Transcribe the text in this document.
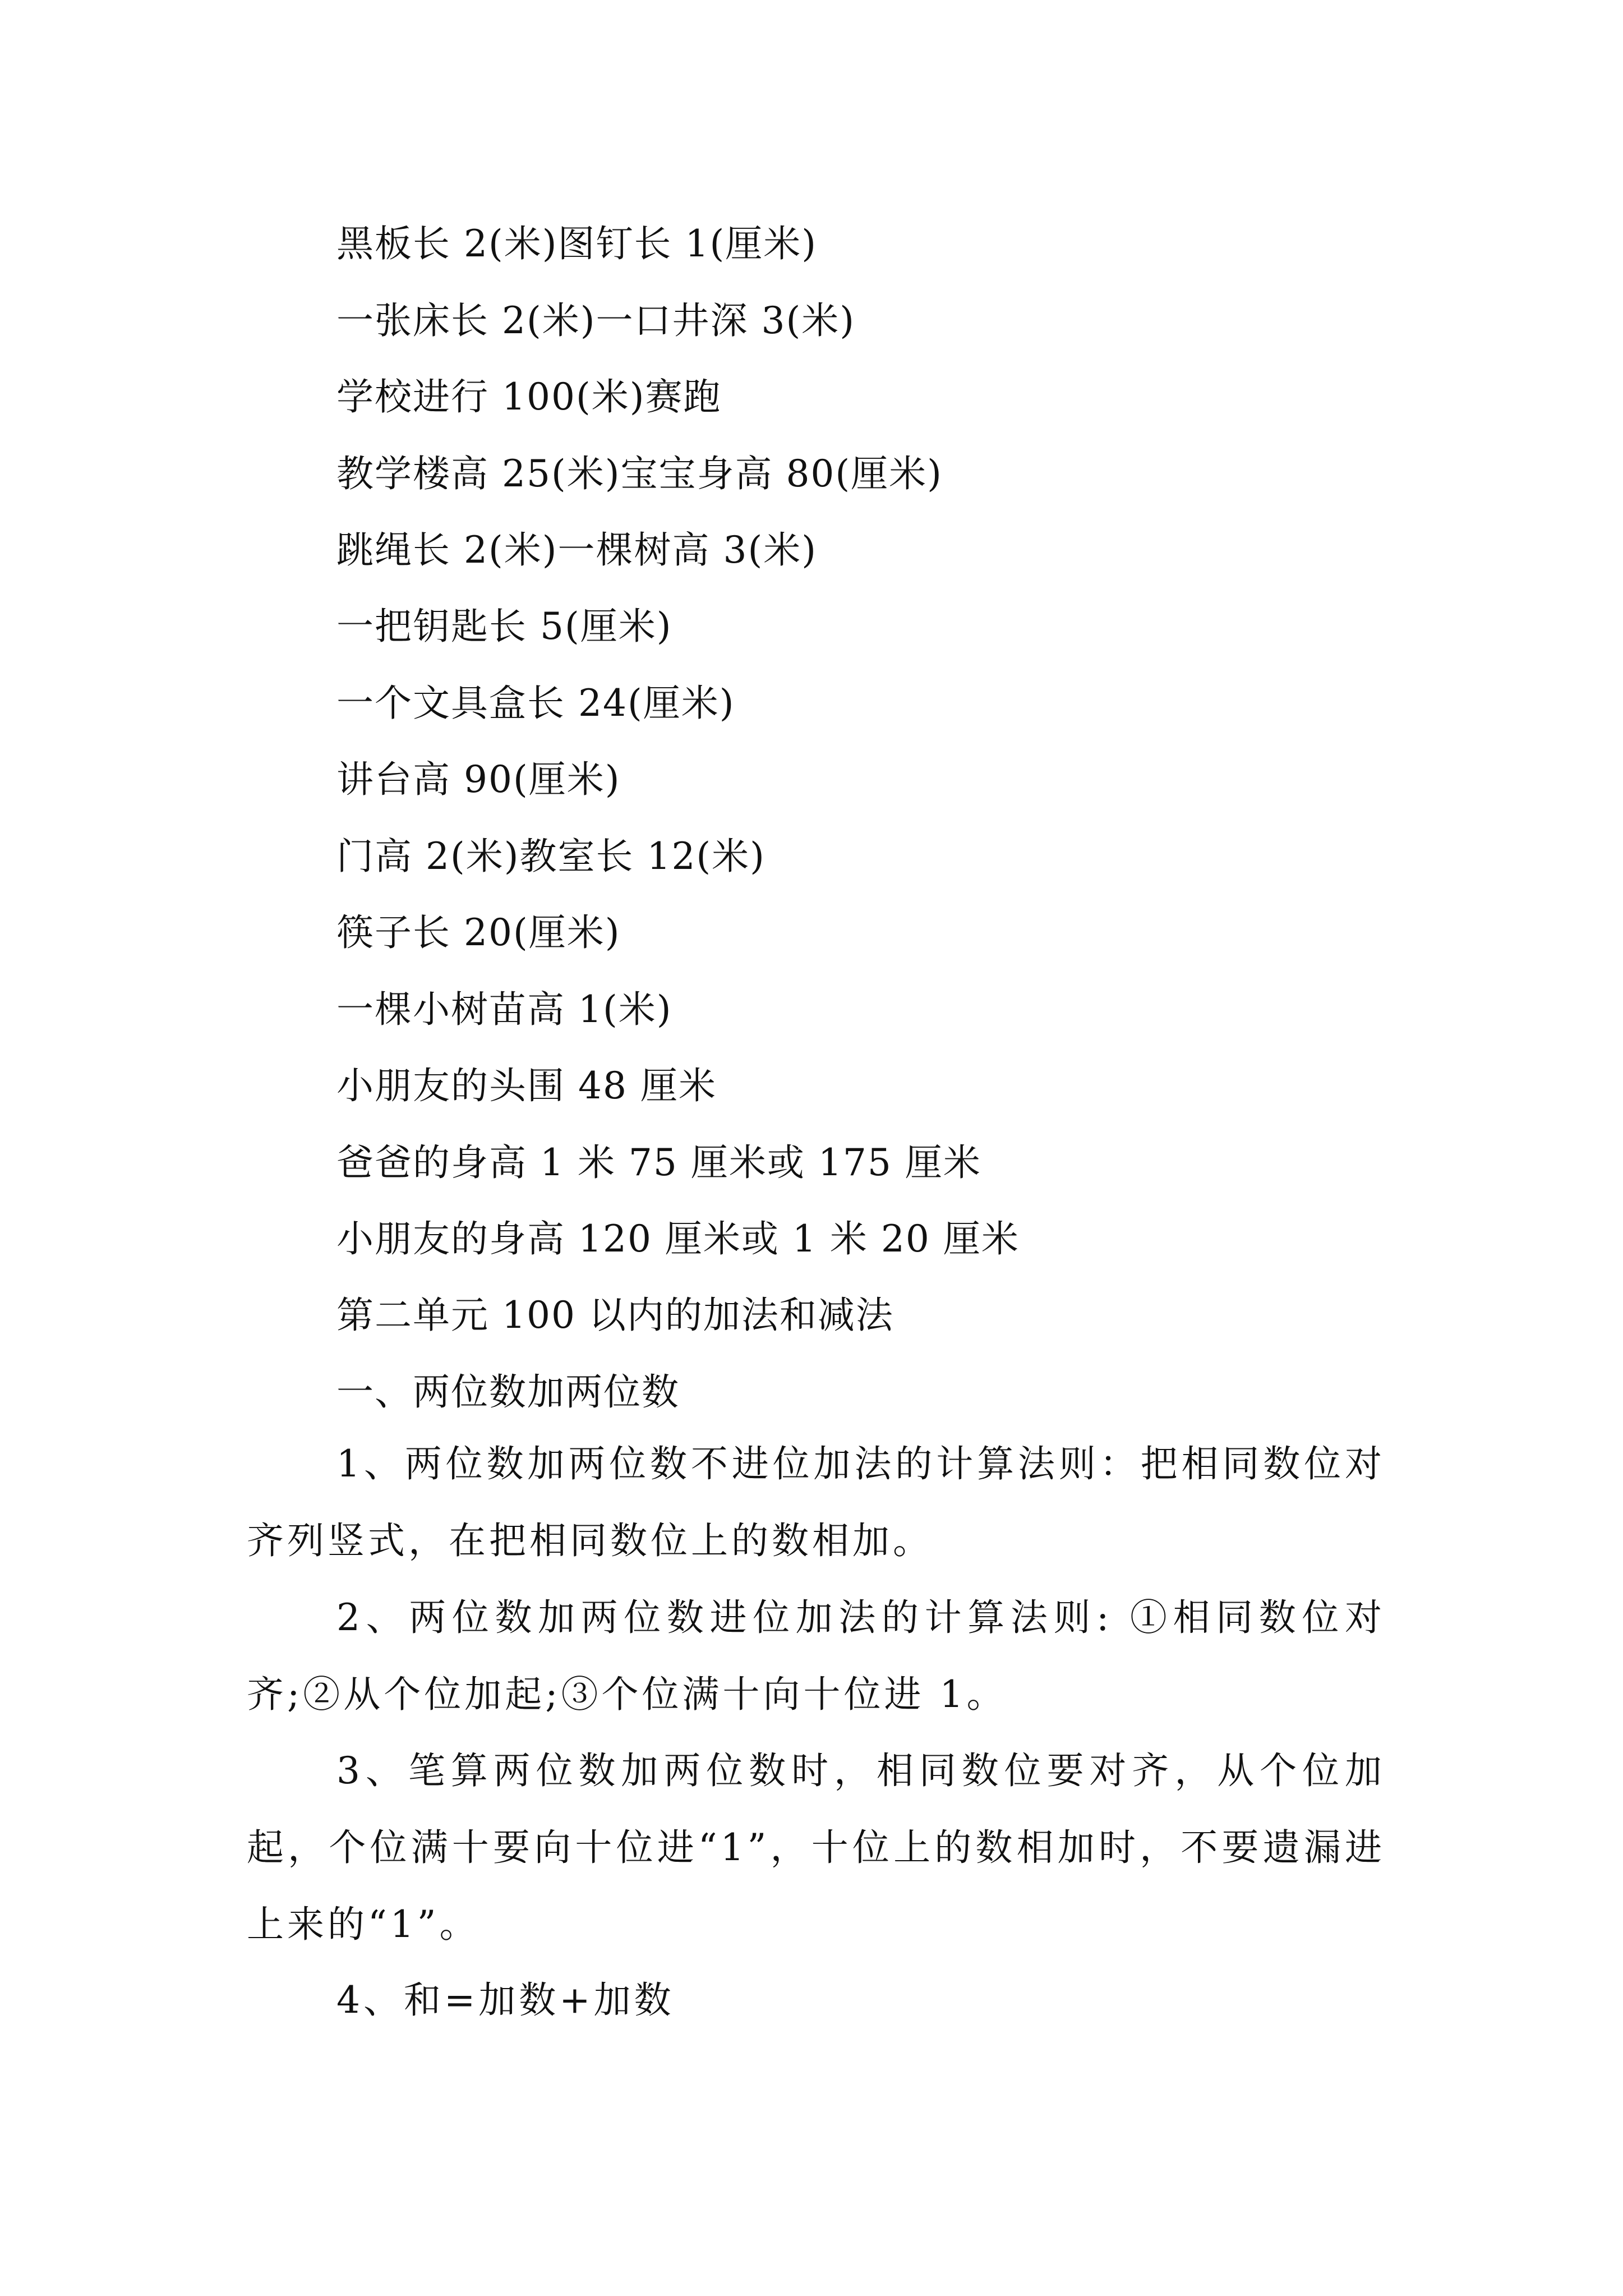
黑板长 2(米)图钉长 1(厘米)
一张床长 2(米)一口井深 3(米)
学校进行 100(米)赛跑
教学楼高 25(米)宝宝身高 80(厘米)
跳绳长 2(米)一棵树高 3(米)
一把钥匙长 5(厘米)
一个文具盒长 24(厘米)
讲台高 90(厘米)
门高 2(米)教室长 12(米)
筷子长 20(厘米)
一棵小树苗高 1(米)
小朋友的头围 48 厘米
爸爸的身高 1 米 75 厘米或 175 厘米
小朋友的身高 120 厘米或 1 米 20 厘米
第二单元 100 以内的加法和减法
一、两位数加两位数

1、两位数加两位数不进位加法的计算法则：把相同数位对齐列竖式，在把相同数位上的数相加。

2、两位数加两位数进位加法的计算法则: ①相同数位对齐;②从个位加起;③个位满十向十位进 1。

3、笔算两位数加两位数时，相同数位要对齐，从个位加起，个位满十要向十位进“1”，十位上的数相加时，不要遗漏进上来的“1”。

4、和=加数+加数
